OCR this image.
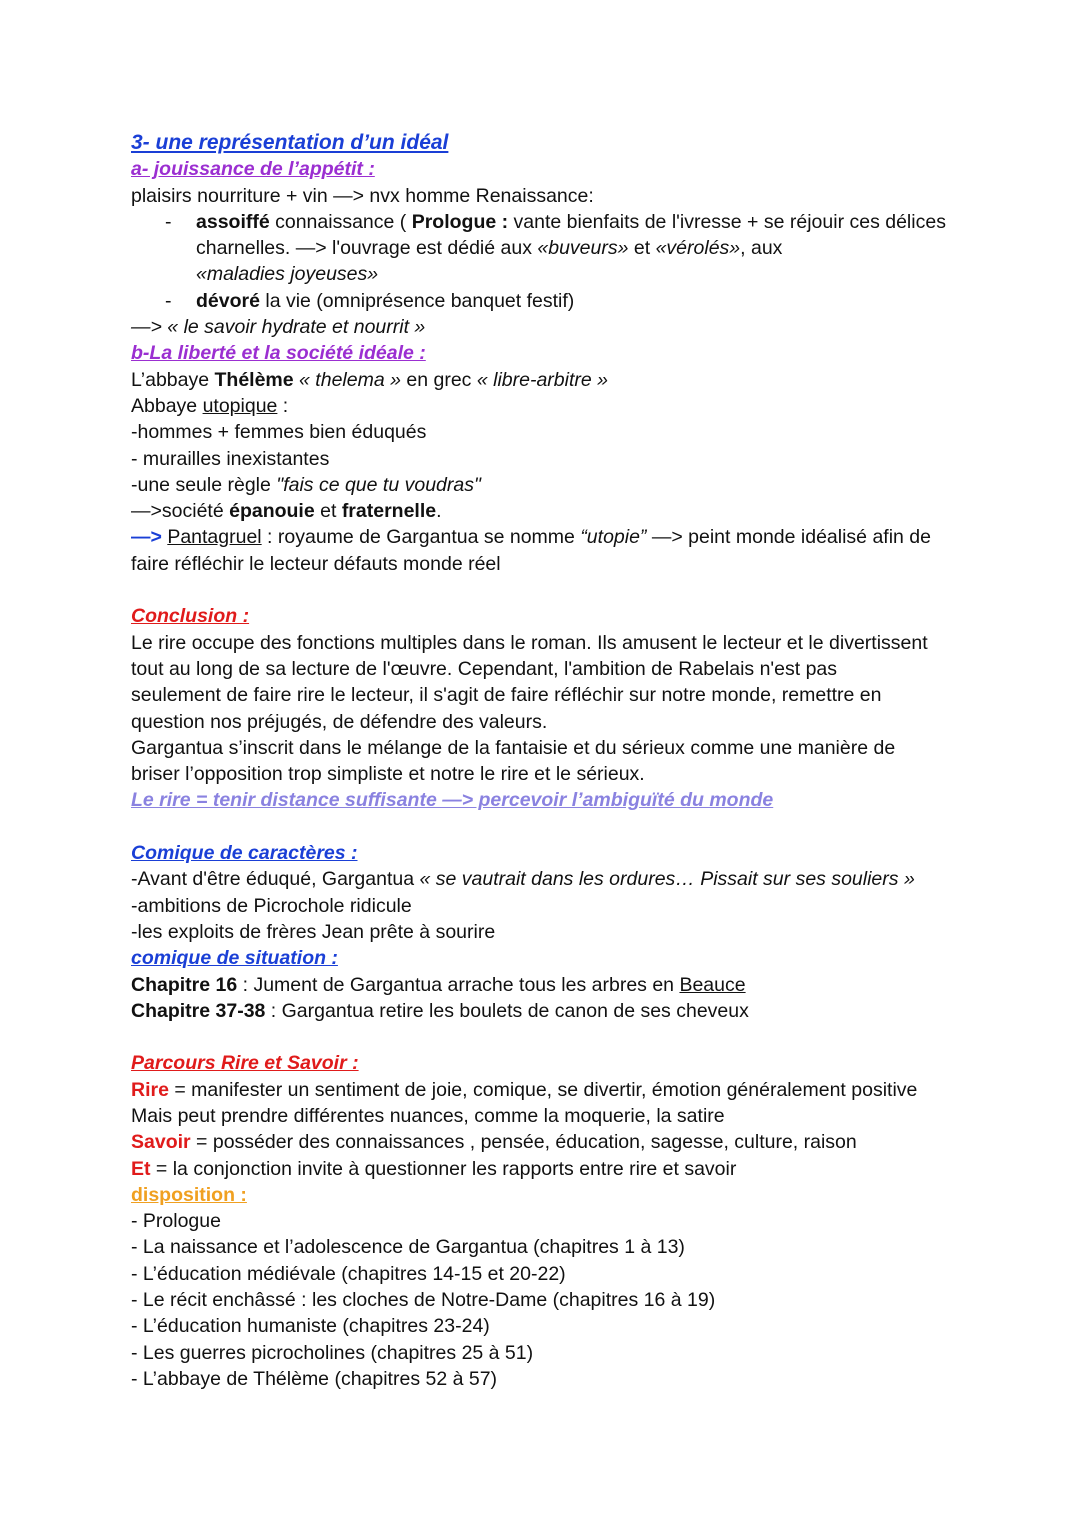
3- une représentation d’un idéal
a- jouissance de l’appétit :
plaisirs nourriture + vin —> nvx homme Renaissance:
- assoiffé connaissance ( Prologue : vante bienfaits de l'ivresse + se réjouir ces délices charnelles. —> l'ouvrage est dédié aux «buveurs» et «vérolés», aux
«maladies joyeuses»
- dévoré la vie (omniprésence banquet festif)
—> « le savoir hydrate et nourrit »
b-La liberté et la société idéale :
L’abbaye Thélème « thelema » en grec « libre-arbitre »
Abbaye utopique :
-hommes + femmes bien éduqués
- murailles inexistantes
-une seule règle "fais ce que tu voudras"
—>société épanouie et fraternelle.
—> Pantagruel : royaume de Gargantua se nomme “utopie” —> peint monde idéalisé afin de
faire réfléchir le lecteur défauts monde réel
Conclusion :
Le rire occupe des fonctions multiples dans le roman. Ils amusent le lecteur et le divertissent
tout au long de sa lecture de l'œuvre. Cependant, l'ambition de Rabelais n'est pas
seulement de faire rire le lecteur, il s'agit de faire réfléchir sur notre monde, remettre en
question nos préjugés, de défendre des valeurs.
Gargantua s’inscrit dans le mélange de la fantaisie et du sérieux comme une manière de
briser l’opposition trop simpliste et notre le rire et le sérieux.
Le rire = tenir distance suffisante —> percevoir l’ambiguïté du monde
Comique de caractères :
-Avant d'être éduqué, Gargantua « se vautrait dans les ordures… Pissait sur ses souliers »
-ambitions de Picrochole ridicule
-les exploits de frères Jean prête à sourire
comique de situation :
Chapitre 16 : Jument de Gargantua arrache tous les arbres en Beauce
Chapitre 37-38 : Gargantua retire les boulets de canon de ses cheveux
Parcours Rire et Savoir :
Rire = manifester un sentiment de joie, comique, se divertir, émotion généralement positive
Mais peut prendre différentes nuances, comme la moquerie, la satire
Savoir = posséder des connaissances , pensée, éducation, sagesse, culture, raison
Et = la conjonction invite à questionner les rapports entre rire et savoir
disposition :
- Prologue
- La naissance et l’adolescence de Gargantua (chapitres 1 à 13)
- L’éducation médiévale (chapitres 14-15 et 20-22)
- Le récit enchâssé : les cloches de Notre-Dame (chapitres 16 à 19)
- L’éducation humaniste (chapitres 23-24)
- Les guerres picrocholines (chapitres 25 à 51)
- L’abbaye de Thélème (chapitres 52 à 57)
